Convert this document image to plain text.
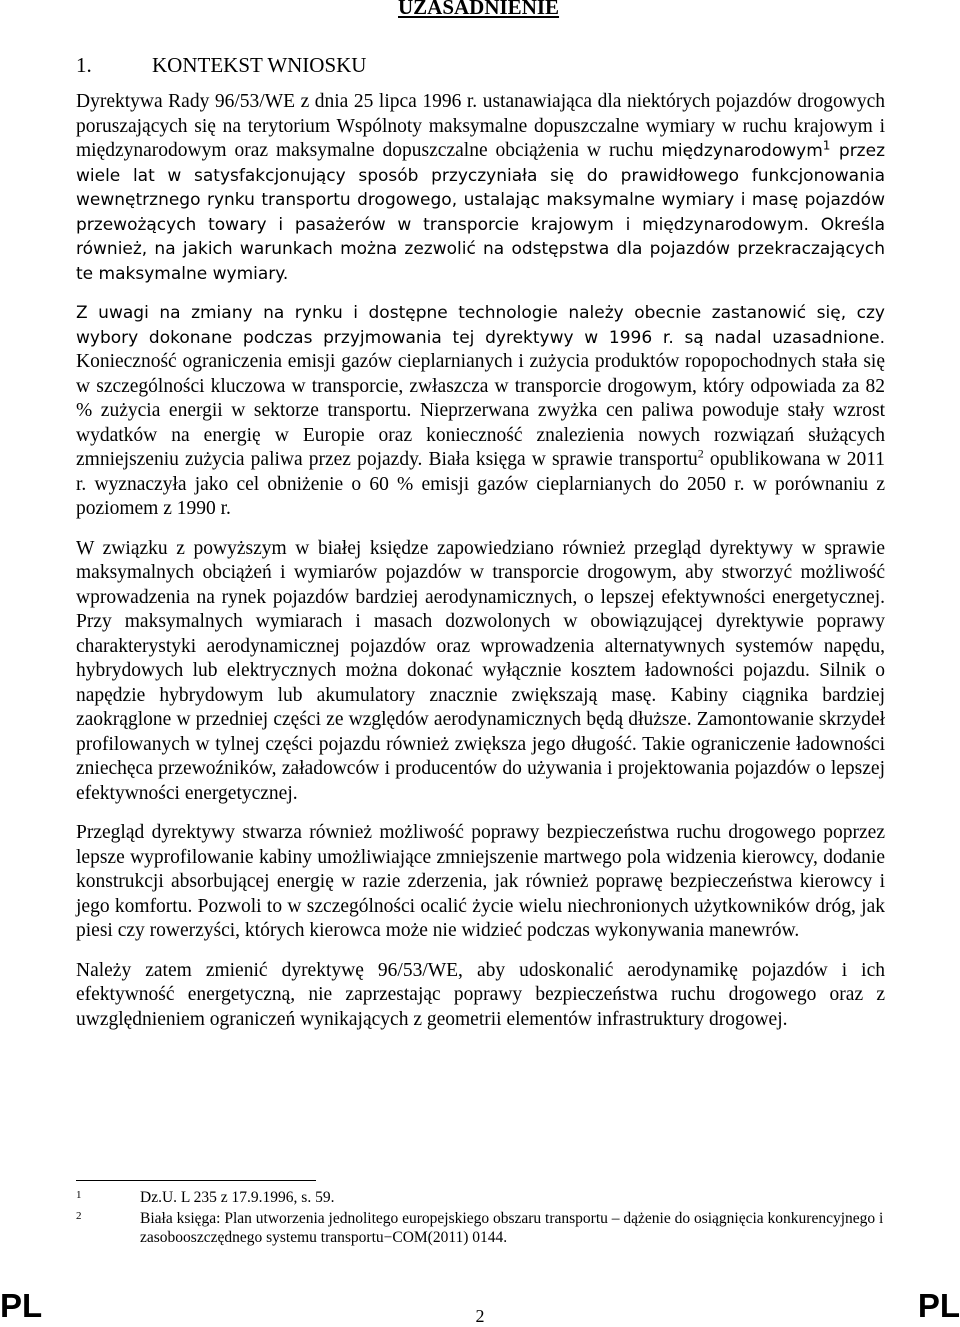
UZASADNIENIE
1.	KONTEKST WNIOSKU

Dyrektywa Rady 96/53/WE z dnia 25 lipca 1996 r. ustanawiająca dla niektórych pojazdów drogowych poruszających się na terytorium Wspólnoty maksymalne dopuszczalne wymiary w ruchu krajowym i międzynarodowym oraz maksymalne dopuszczalne obciążenia w ruchu międzynarodowym$^1$ przez wiele lat w satysfakcjonujący sposób przyczyniała się do prawidłowego funkcjonowania wewnętrznego rynku transportu drogowego, ustalając maksymalne wymiary i masę pojazdów przewożących towary i pasażerów w transporcie krajowym i międzynarodowym. Określa również, na jakich warunkach można zezwolić na odstępstwa dla pojazdów przekraczających te maksymalne wymiary.

Z uwagi na zmiany na rynku i dostępne technologie należy obecnie zastanowić się, czy wybory dokonane podczas przyjmowania tej dyrektywy w 1996 r. są nadal uzasadnione. Konieczność ograniczenia emisji gazów cieplarnianych i zużycia produktów ropopochodnych stała się w szczególności kluczowa w transporcie, zwłaszcza w transporcie drogowym, który odpowiada za 82 % zużycia energii w sektorze transportu. Nieprzerwana zwyżka cen paliwa powoduje stały wzrost wydatków na energię w Europie oraz konieczność znalezienia nowych rozwiązań służących zmniejszeniu zużycia paliwa przez pojazdy. Biała księga w sprawie transportu$^2$ opublikowana w 2011 r. wyznaczyła jako cel obniżenie o 60 % emisji gazów cieplarnianych do 2050 r. w porównaniu z poziomem z 1990 r.

W związku z powyższym w białej księdze zapowiedziano również przegląd dyrektywy w sprawie maksymalnych obciążeń i wymiarów pojazdów w transporcie drogowym, aby stworzyć możliwość wprowadzenia na rynek pojazdów bardziej aerodynamicznych, o lepszej efektywności energetycznej. Przy maksymalnych wymiarach i masach dozwolonych w obowiązującej dyrektywie poprawy charakterystyki aerodynamicznej pojazdów oraz wprowadzenia alternatywnych systemów napędu, hybrydowych lub elektrycznych można dokonać wyłącznie kosztem ładowności pojazdu. Silnik o napędzie hybrydowym lub akumulatory znacznie zwiększają masę. Kabiny ciągnika bardziej zaokrąglone w przedniej części ze względów aerodynamicznych będą dłuższe. Zamontowanie skrzydeł profilowanych w tylnej części pojazdu również zwiększa jego długość. Takie ograniczenie ładowności zniechęca przewoźników, załadowców i producentów do używania i projektowania pojazdów o lepszej efektywności energetycznej.

Przegląd dyrektywy stwarza również możliwość poprawy bezpieczeństwa ruchu drogowego poprzez lepsze wyprofilowanie kabiny umożliwiające zmniejszenie martwego pola widzenia kierowcy, dodanie konstrukcji absorbującej energię w razie zderzenia, jak również poprawę bezpieczeństwa kierowcy i jego komfortu. Pozwoli to w szczególności ocalić życie wielu niechronionych użytkowników dróg, jak piesi czy rowerzyści, których kierowca może nie widzieć podczas wykonywania manewrów.

Należy zatem zmienić dyrektywę 96/53/WE, aby udoskonalić aerodynamikę pojazdów i ich efektywność energetyczną, nie zaprzestając poprawy bezpieczeństwa ruchu drogowego oraz z uwzględnieniem ograniczeń wynikających z geometrii elementów infrastruktury drogowej.

1	Dz.U. L 235 z 17.9.1996, s. 59.
2	Biała księga: Plan utworzenia jednolitego europejskiego obszaru transportu – dążenie do osiągnięcia konkurencyjnego i zasobooszczędnego systemu transportu−COM(2011) 0144.
PL	2	PL
